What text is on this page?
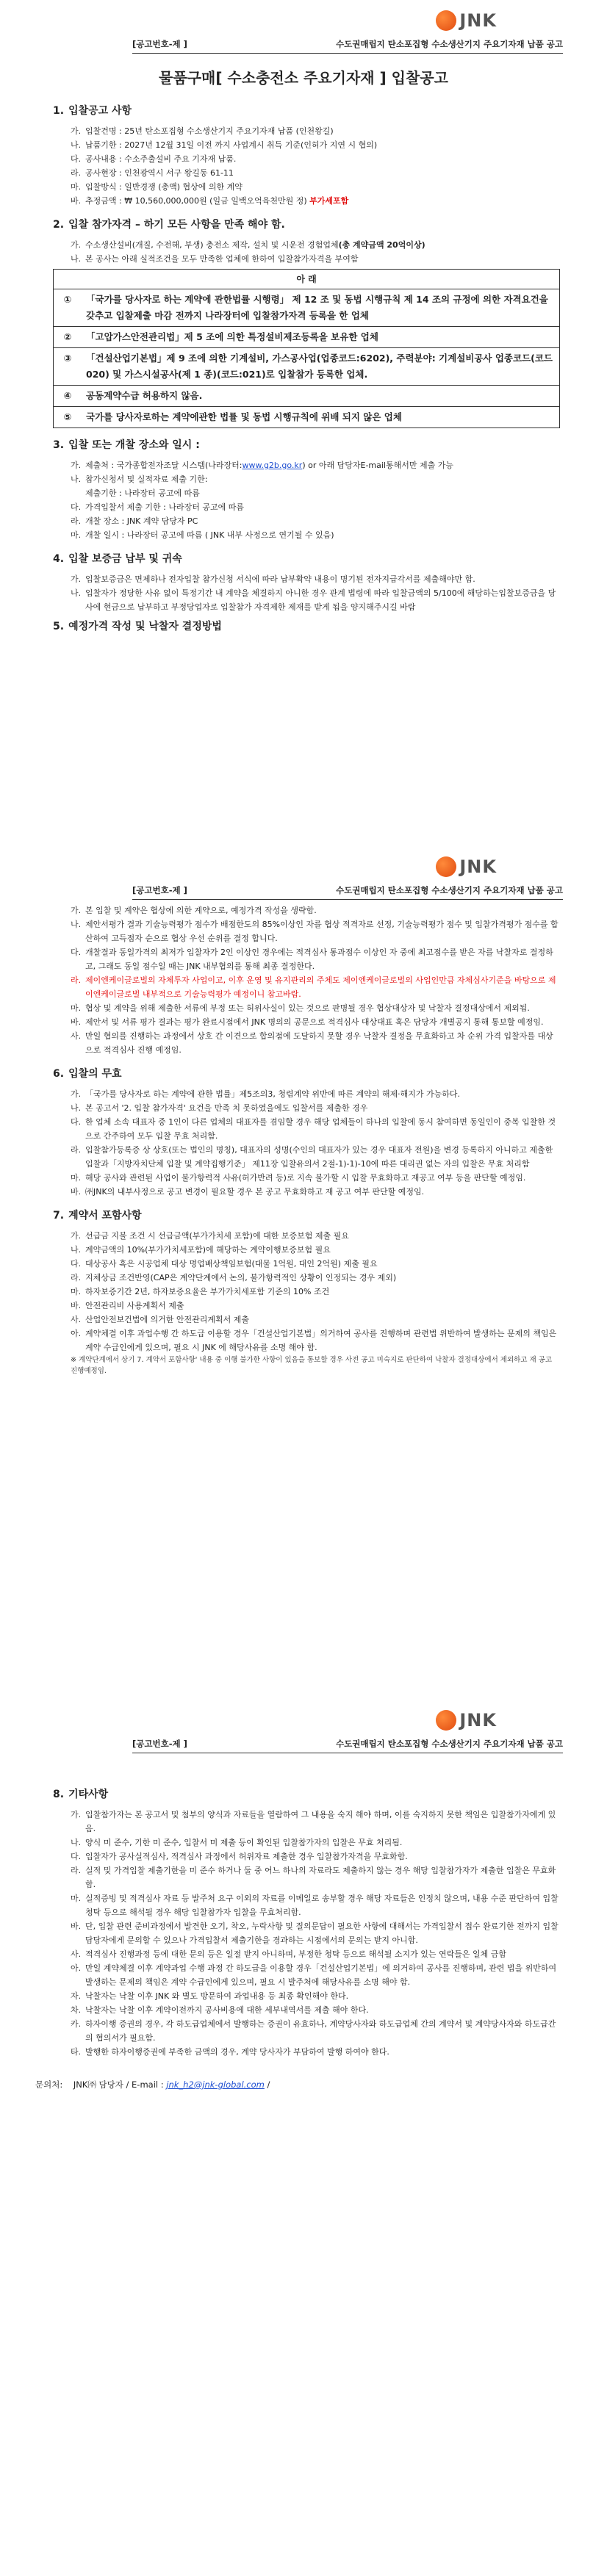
JNK
[공고번호-제 ]	수도권매립지 탄소포집형 수소생산기지 주요기자재 납품 공고
물품구매[ 수소충전소 주요기자재 ] 입찰공고
1. 입찰공고 사항
가. 입찰건명 : 25년 탄소포집형 수소생산기지 주요기자재 납품 (인천왕길)
나. 납품기한 : 2027년 12월 31일 이전 까지 사업계시 취득 기준(인허가 지연 시 협의)
다. 공사내용 : 수소주출설비 주요 기자재 납품.
라. 공사현장 : 인천광역시 서구 왕길동 61-11
마. 입찰방식 : 일반경쟁 (총액) 협상에 의한 계약
바. 추정금액 : ₩ 10,560,000,000원 (일금 일백오억육천만원 정) 부가세포함
2. 입찰 참가자격 – 하기 모든 사항을 만족 해야 함.
가. 수소생산설비(개질, 수전해, 부생) 충전소 제작, 설치 및 시운전 경험업체(총 계약금액 20억이상)
나. 본 공사는 아래 실적조건을 모두 만족한 업체에 한하여 입찰참가자격을 부여함
아 래	
①	「국가를 당사자로 하는 계약에 관한법률 시행령」 제 12 조 및 동법 시행규칙 제 14 조의 규정에 의한 자격요건을 갖추고 입찰제출 마감 전까지 나라장터에 입찰참가자격 등록을 한 업체
②	「고압가스안전관리법」제 5 조에 의한 특정설비제조등록을 보유한 업체
③	「건설산업기본법」제 9 조에 의한 기계설비, 가스공사업(업종코드:6202), 주력분야: 기계설비공사 업종코드(코드 020) 및 가스시설공사(제 1 종)(코드:021)로 입찰참가 등록한 업체.
④	공동계약수급 허용하지 않음.
⑤	국가를 당사자로하는 계약에관한 법률 및 동법 시행규칙에 위배 되지 않은 업체
3. 입찰 또는 개찰 장소와 일시 :
가. 제출처 : 국가종합전자조달 시스템(나라장터:www.g2b.go.kr) or 아래 담당자E-mail통해서만 제출 가능
나. 참가신청서 및 실적자료 제출 기한:
제출기한 : 나라장터 공고에 따름
다. 가격입찰서 제출 기한 : 나라장터 공고에 따름
라. 개찰 장소 : JNK 계약 담당자 PC
마. 개찰 일시 : 나라장터 공고에 따름 ( JNK 내부 사정으로 연기될 수 있음)
4. 입찰 보증금 납부 및 귀속
가. 입찰보증금은 면제하나 전자입찰 참가신청 서식에 따라 납부확약 내용이 명기된 전자지급각서를 제출해야만 함.
나. 입찰자가 정당한 사유 없이 특정기간 내 계약을 체결하지 아니한 경우 관계 법령에 따라 입찰금액의 5/100에 해당하는입찰보증금을 당사에 현금으로 납부하고 부정당업자로 입찰참가 자격제한 제재를 받게 됨을 양지해주시길 바람
5. 예정가격 작성 및 낙찰자 결정방법
JNK
[공고번호-제 ]	수도권매립지 탄소포집형 수소생산기지 주요기자재 납품 공고
가. 본 입찰 및 계약은 협상에 의한 계약으로, 예정가격 작성을 생략함.
나. 제안서평가 결과 기술능력평가 점수가 배점한도의 85%이상인 자를 협상 적격자로 선정, 기술능력평가 점수 및 입찰가격평가 점수를 합산하여 고득점자 순으로 협상 우선 순위를 결정 합니다.
다. 개찰결과 동일가격의 최저가 입찰자가 2인 이상인 경우에는 적격심사 통과점수 이상인 자 중에 최고점수를 받은 자를 낙찰자로 결정하고, 그래도 동일 점수일 때는 JNK 내부협의를 통해 최종 결정한다.
라. 제이엔케이글로벌의 자체투자 사업이고, 이후 운영 및 유지관리의 주체도 제이엔케이글로벌의 사업인만큼 자체심사기준을 바탕으로 제이엔케이글로벌 내부적으로 기술능력평가 예정이니 참고바람.
마. 협상 및 계약을 위해 제출한 서류에 부정 또는 허위사실이 있는 것으로 판명될 경우 협상대상자 및 낙찰자 결정대상에서 제외됨.
바. 제안서 및 서류 평가 결과는 평가 완료시점에서 JNK 명의의 공문으로 적격심사 대상대표 혹은 담당자 개별공지 통해 통보할 예정임.
사. 만일 협의를 진행하는 과정에서 상호 간 이견으로 합의점에 도달하지 못할 경우 낙찰자 결정을 무효화하고 차 순위 가격 입찰자를 대상으로 적격심사 진행 예정임.
6. 입찰의 무효
가. 「국가를 당사자로 하는 계약에 관한 법률」제5조의3, 청렴계약 위반에 따른 계약의 해제·해지가 가능하다.
나. 본 공고서 '2. 입찰 참가자격' 요건을 만족 치 못하였을에도 입찰서를 제출한 경우
다. 한 업체 소속 대표자 중 1인이 다른 업체의 대표자를 겸임할 경우 해당 업체들이 하나의 입찰에 동시 참여하면 동일인이 중복 입찰한 것으로 간주하여 모두 입찰 무효 처리함.
라. 입찰참가등록증 상 상호(또는 법인의 명칭), 대표자의 성명(수인의 대표자가 있는 경우 대표자 전원)을 변경 등록하지 아니하고 제출한 입찰과「지방자치단체 입찰 및 계약집행기준」 제11장 입찰유의서 2절-1)-1)-10에 따른 대리권 없는 자의 입찰은 무효 처리함
마. 해당 공사와 관련된 사업이 불가항력적 사유(허가반려 등)로 지속 불가할 시 입찰 무효화하고 재공고 여부 등을 판단할 예정임.
바. ㈜JNK의 내부사정으로 공고 변경이 필요할 경우 본 공고 무효화하고 재 공고 여부 판단할 예정임.
7. 계약서 포함사항
가. 선급금 지불 조건 시 선급금액(부가가치세 포함)에 대한 보증보험 제출 필요
나. 계약금액의 10%(부가가치세포함)에 해당하는 계약이행보증보험 필요
다. 대상공사 혹은 시공업체 대상 명업배상책임보험(대물 1억원, 대인 2억원) 제출 필요
라. 지체상금 조건반영(CAP은 계약단계에서 논의, 불가항력적인 상황이 인정되는 경우 제외)
마. 하자보증기간 2년, 하자보증요율은 부가가치세포함 기준의 10% 조건
바. 안전관리비 사용계획서 제출
사. 산업안전보건법에 의거한 안전관리계획서 제출
아. 계약체결 이후 과업수행 간 하도급 이용할 경우「건설산업기본법」의거하여 공사를 진행하며 관련법 위반하여 발생하는 문제의 책임은 계약 수급인에게 있으며, 필요 시 JNK 에 해당사유를 소명 해야 함.
※ 계약단계에서 상기 7. 계약서 포함사항' 내용 중 이행 불가한 사항이 있음을 통보할 경우 사전 공고 미숙지로 판단하여 낙찰자 결정대상에서 제외하고 재 공고 진행예정임.
JNK
[공고번호-제 ]	수도권매립지 탄소포집형 수소생산기지 주요기자재 납품 공고
8. 기타사항
가. 입찰참가자는 본 공고서 및 첨부의 양식과 자료들을 열람하여 그 내용을 숙지 해야 하며, 이를 숙지하지 못한 책임은 입찰참가자에게 있음.
나. 양식 미 준수, 기한 미 준수, 입찰서 미 제출 등이 확인된 입찰참가자의 입찰은 무효 처리됨.
다. 입찰자가 공사실적심사, 적격심사 과정에서 허위자료 제출한 경우 입찰참가자격을 무효화함.
라. 실적 및 가격입찰 제출기한을 미 준수 하거나 둘 중 어느 하나의 자료라도 제출하지 않는 경우 해당 입찰참가자가 제출한 입찰은 무효화 함.
마. 실적증빙 및 적격심사 자료 등 발주처 요구 이외의 자료를 이메일로 송부할 경우 해당 자료들은 인정치 않으며, 내용 수준 판단하여 입찰 청탁 등으로 해석될 경우 해당 입찰참가자 입찰을 무효처리함.
바. 단, 입찰 관련 준비과정에서 발견한 오기, 착오, 누락사항 및 질의문답이 필요한 사항에 대해서는 가격입찰서 접수 완료기한 전까지 입찰 담당자에게 문의할 수 있으나 가격입찰서 제출기한을 경과하는 시점에서의 문의는 받지 아니함.
사. 적격심사 진행과정 등에 대한 문의 등은 일절 받지 아니하며, 부정한 청탁 등으로 해석될 소지가 있는 연락들은 일체 금함
아. 만일 계약체결 이후 계약과업 수행 과정 간 하도급을 이용할 경우「건설산업기본법」에 의거하여 공사를 진행하며, 관련 법을 위반하여 발생하는 문제의 책임은 계약 수급인에게 있으며, 필요 시 발주처에 해당사유를 소명 해야 함.
자. 낙찰자는 낙찰 이후 JNK 와 별도 방문하여 과업내용 등 최종 확인해야 한다.
차. 낙찰자는 낙찰 이후 계약이전까지 공사비용에 대한 세부내역서를 제출 해야 한다.
카. 하자이행 증권의 경우, 각 하도급업체에서 발행하는 증권이 유효하나, 계약당사자와 하도급업체 간의 계약서 및 계약당사자와 하도급간의 협의서가 필요함.
타. 발행한 하자이행증권에 부족한 금액의 경우, 계약 당사자가 부담하여 발행 하여야 한다.
문의처: JNK㈜ 담당자 / E-mail : jnk_h2@jnk-global.com /
